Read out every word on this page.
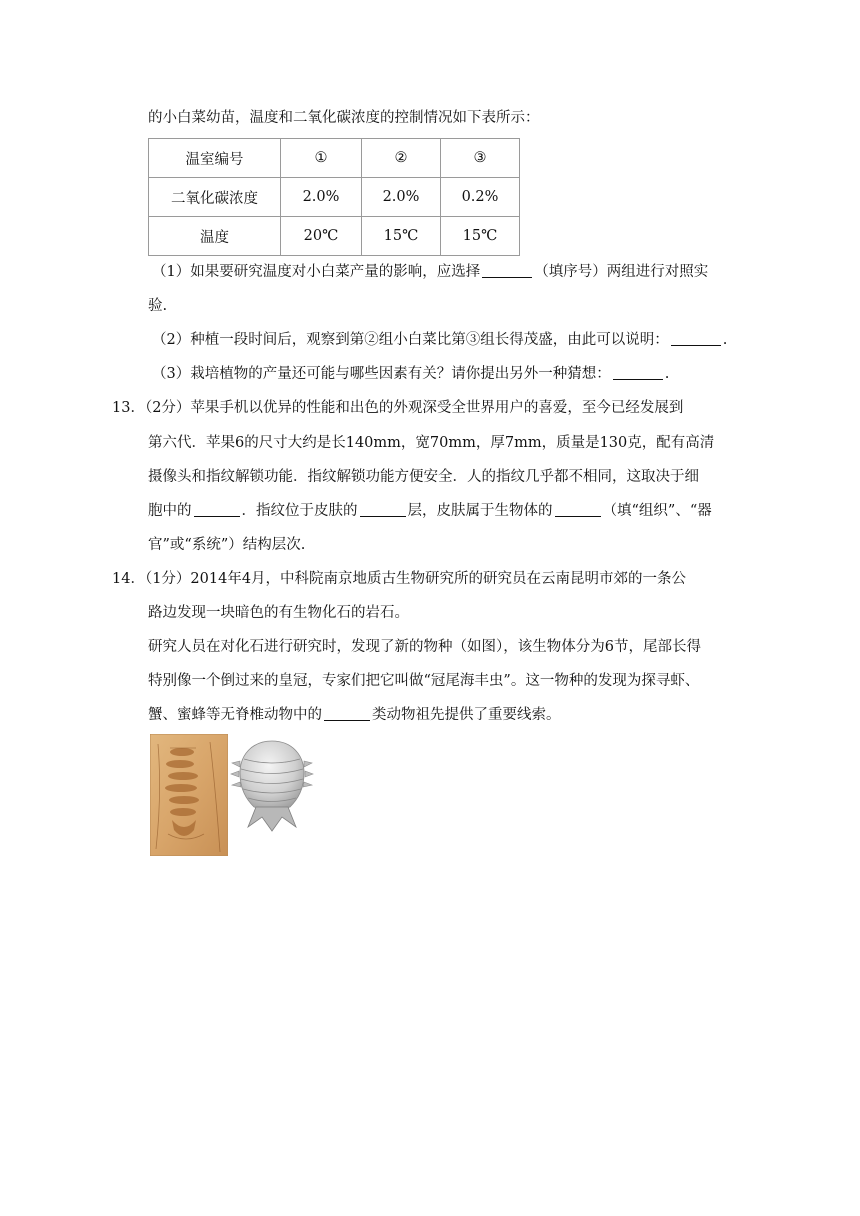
的小白菜幼苗，温度和二氧化碳浓度的控制情况如下表所示：
温室编号	①	②	③
二氧化碳浓度	2.0%	2.0%	0.2%
温度	20℃	15℃	15℃
（1）如果要研究温度对小白菜产量的影响，应选择	（填序号）两组进行对照实
验.
（2）种植一段时间后，观察到第②组小白菜比第③组长得茂盛，由此可以说明：	.
（3）栽培植物的产量还可能与哪些因素有关？请你提出另外一种猜想：	.
13．（2分）苹果手机以优异的性能和出色的外观深受全世界用户的喜爱，至今已经发展到
第六代．苹果6的尺寸大约是长140mm，宽70mm，厚7mm，质量是130克，配有高清
摄像头和指纹解锁功能．指纹解锁功能方便安全．人的指纹几乎都不相同，这取决于细
胞中的	．指纹位于皮肤的	层，皮肤属于生物体的	（填“组织”、“器
官”或“系统”）结构层次.
14．（1分）2014年4月，中科院南京地质古生物研究所的研究员在云南昆明市郊的一条公
路边发现一块暗色的有生物化石的岩石。
研究人员在对化石进行研究时，发现了新的物种（如图），该生物体分为6节，尾部长得
特别像一个倒过来的皇冠，专家们把它叫做“冠尾海丰虫”。这一物种的发现为探寻虾、
蟹、蜜蜂等无脊椎动物中的	类动物祖先提供了重要线索。
